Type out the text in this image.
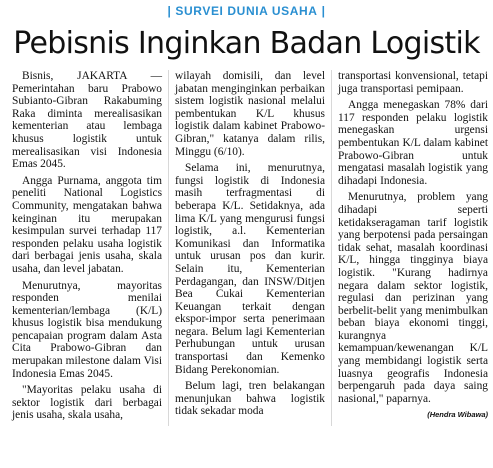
| SURVEI DUNIA USAHA |
Pebisnis Inginkan Badan Logistik

Bisnis, JAKARTA — Pemerintahan baru Prabowo Subianto-Gibran Rakabuming Raka diminta merealisasikan kementerian atau lembaga khusus logistik untuk merealisasikan visi Indonesia Emas 2045.

Angga Purnama, anggota tim peneliti National Logistics Community, mengatakan bahwa keinginan itu merupakan kesimpulan survei terhadap 117 responden pelaku usaha logistik dari berbagai jenis usaha, skala usaha, dan level jabatan.

Menurutnya, mayoritas responden menilai kementerian/lembaga (K/L) khusus logistik bisa mendukung pencapaian program dalam Asta Cita Prabowo-Gibran dan merupakan milestone dalam Visi Indonesia Emas 2045.

"Mayoritas pelaku usaha di sektor logistik dari berbagai jenis usaha, skala usaha,

wilayah domisili, dan level jabatan menginginkan perbaikan sistem logistik nasional melalui pembentukan K/L khusus logistik dalam kabinet Prabowo-Gibran," katanya dalam rilis, Minggu (6/10).

Selama ini, menurutnya, fungsi logistik di Indonesia masih terfragmentasi di beberapa K/L. Setidaknya, ada lima K/L yang mengurusi fungsi logistik, a.l. Kementerian Komunikasi dan Informatika untuk urusan pos dan kurir. Selain itu, Kementerian Perdagangan, dan INSW/Ditjen Bea Cukai Kementerian Keuangan terkait dengan ekspor-impor serta penerimaan negara. Belum lagi Kementerian Perhubungan untuk urusan transportasi dan Kemenko Bidang Perekonomian.

Belum lagi, tren belakangan menunjukan bahwa logistik tidak sekadar moda

transportasi konvensional, tetapi juga transportasi pemipaan.

Angga menegaskan 78% dari 117 responden pelaku logistik menegaskan urgensi pembentukan K/L dalam kabinet Prabowo-Gibran untuk mengatasi masalah logistik yang dihadapi Indonesia.

Menurutnya, problem yang dihadapi seperti ketidakseragaman tarif logistik yang berpotensi pada persaingan tidak sehat, masalah koordinasi K/L, hingga tingginya biaya logistik. "Kurang hadirnya negara dalam sektor logistik, regulasi dan perizinan yang berbelit-belit yang menimbulkan beban biaya ekonomi tinggi, kurangnya kemampuan/kewenangan K/L yang membidangi logistik serta luasnya geografis Indonesia berpengaruh pada daya saing nasional," paparnya.

(Hendra Wibawa)
